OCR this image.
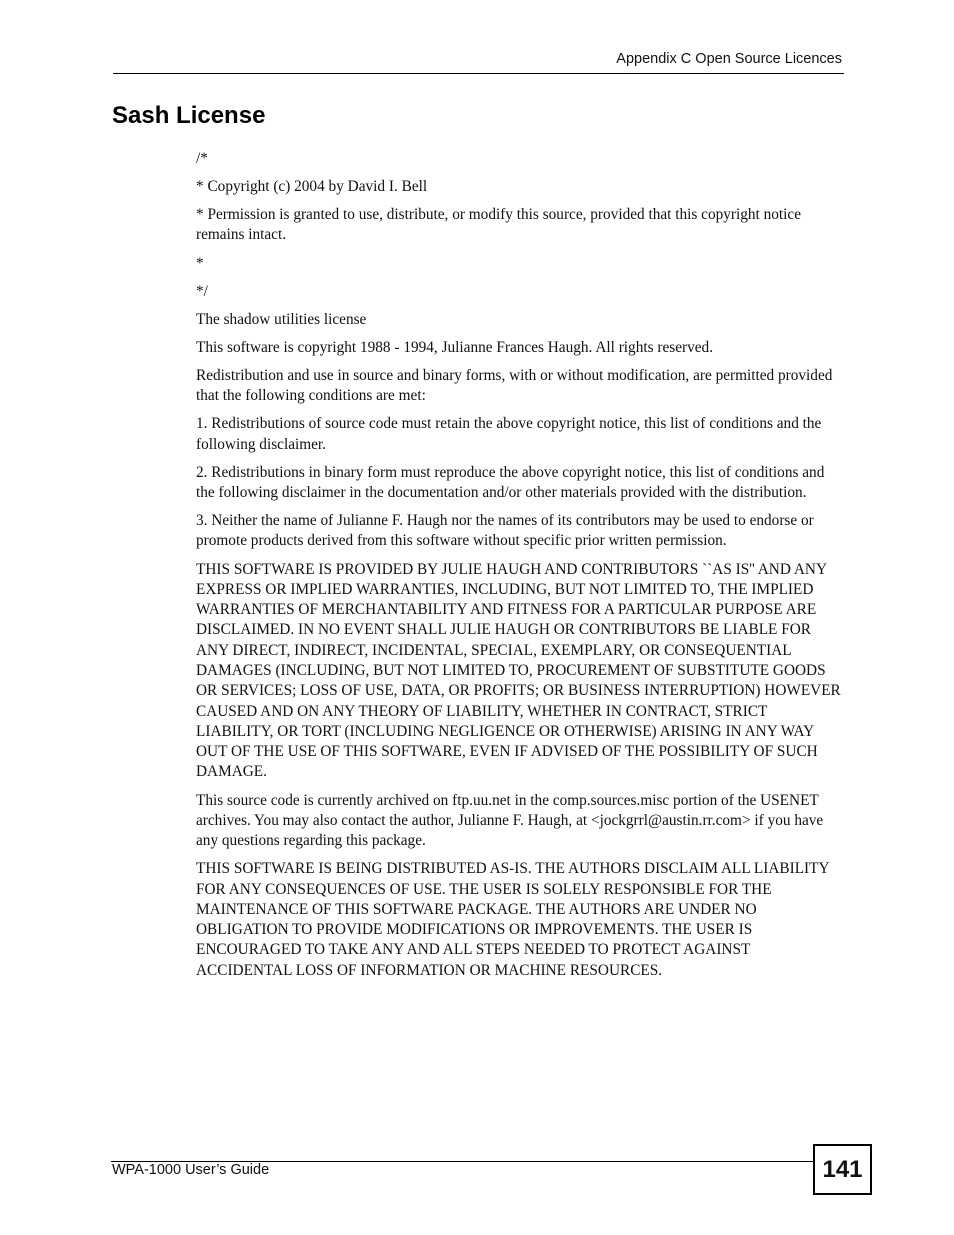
Appendix C Open Source Licences
Sash License

/*

* Copyright (c) 2004 by David I. Bell

* Permission is granted to use, distribute, or modify this source, provided that this copyright notice remains intact.

*

*/

The shadow utilities license

This software is copyright 1988 - 1994, Julianne Frances Haugh. All rights reserved.

Redistribution and use in source and binary forms, with or without modification, are permitted provided that the following conditions are met:

1. Redistributions of source code must retain the above copyright notice, this list of conditions and the following disclaimer.

2. Redistributions in binary form must reproduce the above copyright notice, this list of conditions and the following disclaimer in the documentation and/or other materials provided with the distribution.

3. Neither the name of Julianne F. Haugh nor the names of its contributors may be used to endorse or promote products derived from this software without specific prior written permission.

THIS SOFTWARE IS PROVIDED BY JULIE HAUGH AND CONTRIBUTORS ``AS IS'' AND ANY EXPRESS OR IMPLIED WARRANTIES, INCLUDING, BUT NOT LIMITED TO, THE IMPLIED WARRANTIES OF MERCHANTABILITY AND FITNESS FOR A PARTICULAR PURPOSE ARE DISCLAIMED. IN NO EVENT SHALL JULIE HAUGH OR CONTRIBUTORS BE LIABLE FOR ANY DIRECT, INDIRECT, INCIDENTAL, SPECIAL, EXEMPLARY, OR CONSEQUENTIAL DAMAGES (INCLUDING, BUT NOT LIMITED TO, PROCUREMENT OF SUBSTITUTE GOODS OR SERVICES; LOSS OF USE, DATA, OR PROFITS; OR BUSINESS INTERRUPTION) HOWEVER CAUSED AND ON ANY THEORY OF LIABILITY, WHETHER IN CONTRACT, STRICT LIABILITY, OR TORT (INCLUDING NEGLIGENCE OR OTHERWISE) ARISING IN ANY WAY OUT OF THE USE OF THIS SOFTWARE, EVEN IF ADVISED OF THE POSSIBILITY OF SUCH DAMAGE.

This source code is currently archived on ftp.uu.net in the comp.sources.misc portion of the USENET archives. You may also contact the author, Julianne F. Haugh, at <jockgrrl@austin.rr.com> if you have any questions regarding this package.

THIS SOFTWARE IS BEING DISTRIBUTED AS-IS. THE AUTHORS DISCLAIM ALL LIABILITY FOR ANY CONSEQUENCES OF USE. THE USER IS SOLELY RESPONSIBLE FOR THE MAINTENANCE OF THIS SOFTWARE PACKAGE. THE AUTHORS ARE UNDER NO OBLIGATION TO PROVIDE MODIFICATIONS OR IMPROVEMENTS. THE USER IS ENCOURAGED TO TAKE ANY AND ALL STEPS NEEDED TO PROTECT AGAINST ACCIDENTAL LOSS OF INFORMATION OR MACHINE RESOURCES.

WPA-1000 User’s Guide	141
